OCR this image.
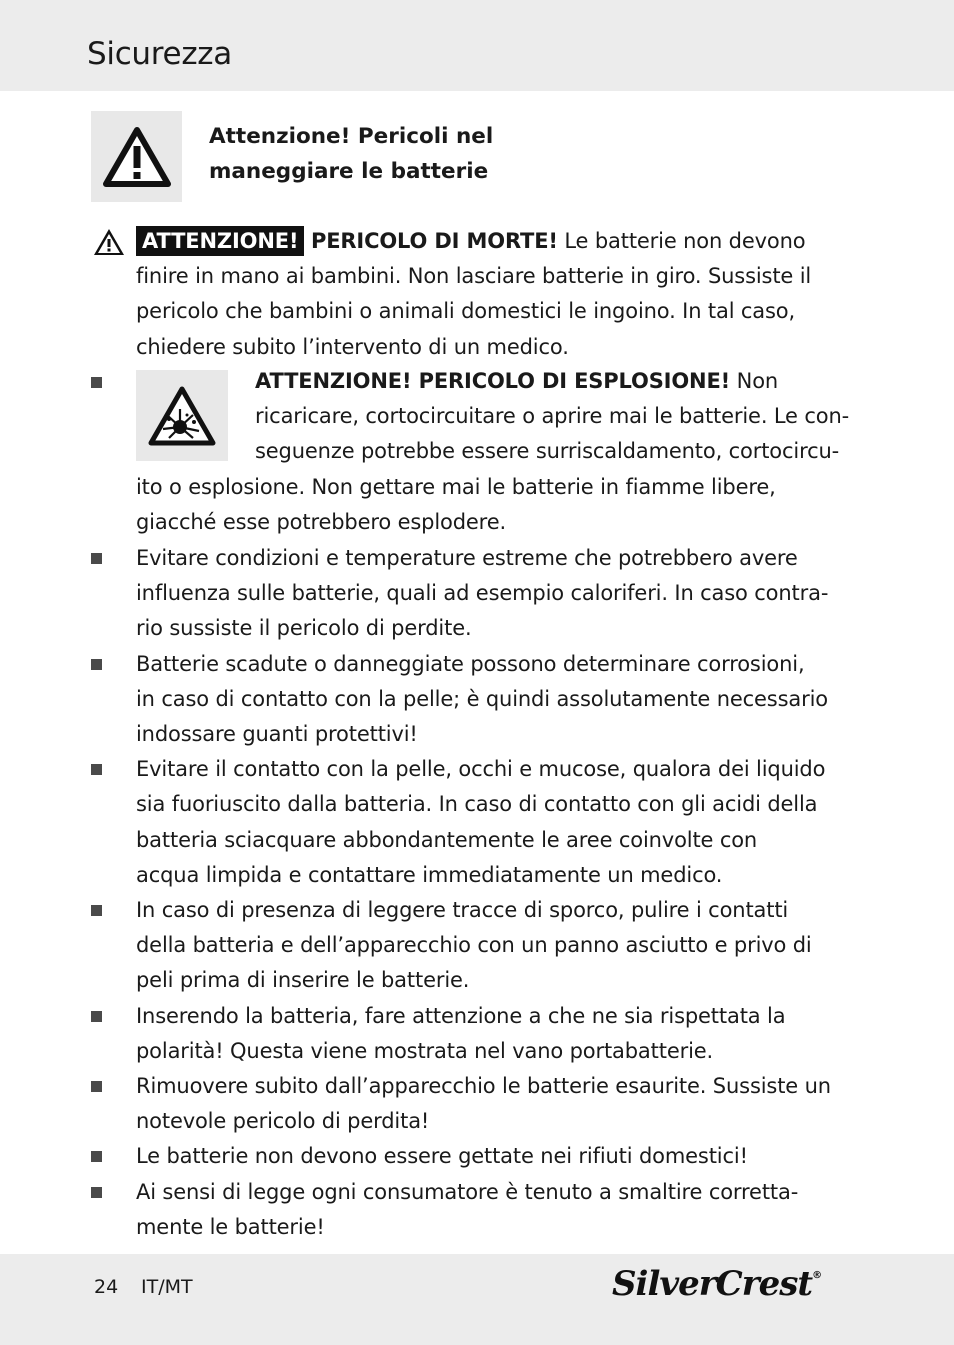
Sicurezza
Attenzione! Pericoli nel
maneggiare le batterie
ATTENZIONE! PERICOLO DI MORTE! Le batterie non devono
finire in mano ai bambini. Non lasciare batterie in giro. Sussiste il
pericolo che bambini o animali domestici le ingoino. In tal caso,
chiedere subito l’intervento di un medico.
ATTENZIONE! PERICOLO DI ESPLOSIONE! Non
ricaricare, cortocircuitare o aprire mai le batterie. Le con-
seguenze potrebbe essere surriscaldamento, cortocircu-
ito o esplosione. Non gettare mai le batterie in fiamme libere,
giacché esse potrebbero esplodere.
Evitare condizioni e temperature estreme che potrebbero avere
influenza sulle batterie, quali ad esempio caloriferi. In caso contra-
rio sussiste il pericolo di perdite.
Batterie scadute o danneggiate possono determinare corrosioni,
in caso di contatto con la pelle; è quindi assolutamente necessario
indossare guanti protettivi!
Evitare il contatto con la pelle, occhi e mucose, qualora dei liquido
sia fuoriuscito dalla batteria. In caso di contatto con gli acidi della
batteria sciacquare abbondantemente le aree coinvolte con
acqua limpida e contattare immediatamente un medico.
In caso di presenza di leggere tracce di sporco, pulire i contatti
della batteria e dell’apparecchio con un panno asciutto e privo di
peli prima di inserire le batterie.
Inserendo la batteria, fare attenzione a che ne sia rispettata la
polarità! Questa viene mostrata nel vano portabatterie.
Rimuovere subito dall’apparecchio le batterie esaurite. Sussiste un
notevole pericolo di perdita!
Le batterie non devono essere gettate nei rifiuti domestici!
Ai sensi di legge ogni consumatore è tenuto a smaltire corretta-
mente le batterie!
24 IT/MT	SilverCrest®
